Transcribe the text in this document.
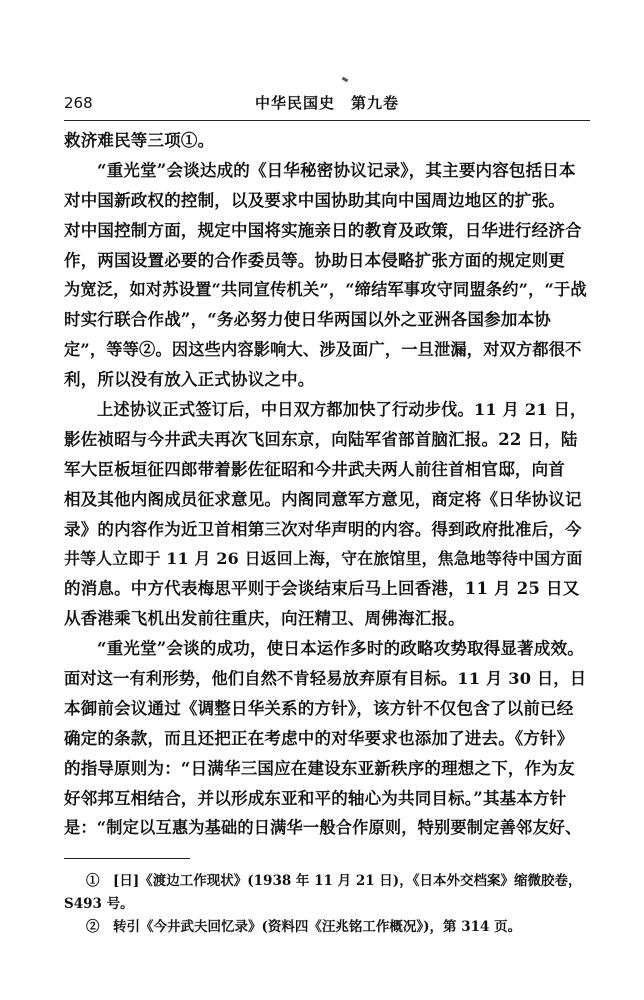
268	中华民国史　第九卷
救济难民等三项①。
“重光堂”会谈达成的《日华秘密协议记录》，其主要内容包括日本
对中国新政权的控制，以及要求中国协助其向中国周边地区的扩张。
对中国控制方面，规定中国将实施亲日的教育及政策，日华进行经济合
作，两国设置必要的合作委员等。协助日本侵略扩张方面的规定则更
为宽泛，如对苏设置“共同宣传机关”，“缔结军事攻守同盟条约”，“于战
时实行联合作战”，“务必努力使日华两国以外之亚洲各国参加本协
定”，等等②。因这些内容影响大、涉及面广，一旦泄漏，对双方都很不
利，所以没有放入正式协议之中。
上述协议正式签订后，中日双方都加快了行动步伐。11 月 21 日，
影佐祯昭与今井武夫再次飞回东京，向陆军省部首脑汇报。22 日，陆
军大臣板垣征四郎带着影佐征昭和今井武夫两人前往首相官邸，向首
相及其他内阁成员征求意见。内阁同意军方意见，商定将《日华协议记
录》的内容作为近卫首相第三次对华声明的内容。得到政府批准后，今
井等人立即于 11 月 26 日返回上海，守在旅馆里，焦急地等待中国方面
的消息。中方代表梅思平则于会谈结束后马上回香港，11 月 25 日又
从香港乘飞机出发前往重庆，向汪精卫、周佛海汇报。
“重光堂”会谈的成功，使日本运作多时的政略攻势取得显著成效。
面对这一有利形势，他们自然不肯轻易放弃原有目标。11 月 30 日，日
本御前会议通过《调整日华关系的方针》，该方针不仅包含了以前已经
确定的条款，而且还把正在考虑中的对华要求也添加了进去。《方针》
的指导原则为：“日满华三国应在建设东亚新秩序的理想之下，作为友
好邻邦互相结合，并以形成东亚和平的轴心为共同目标。”其基本方针
是：“制定以互惠为基础的日满华一般合作原则，特别要制定善邻友好、
①　[日]《渡边工作现状》(1938 年 11 月 21 日)，《日本外交档案》缩微胶卷，
S493 号。
②　转引《今井武夫回忆录》(资料四《汪兆铭工作概况》)，第 314 页。
